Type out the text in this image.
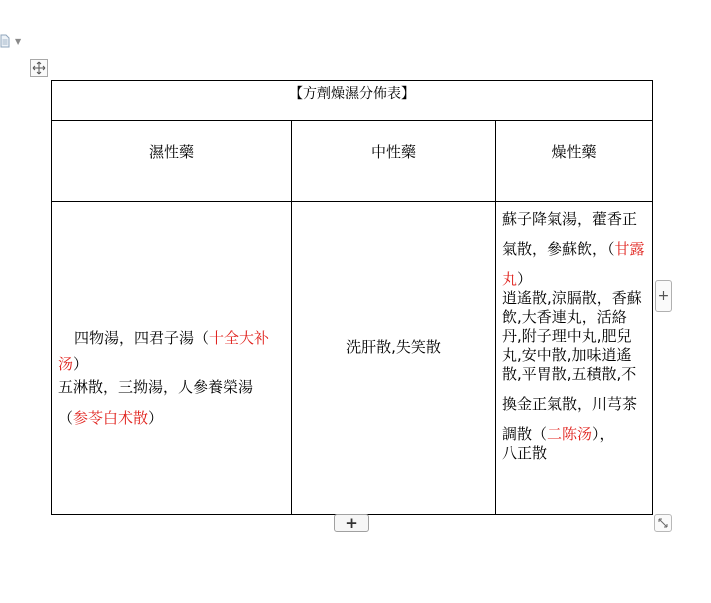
▼
【方劑燥濕分佈表】
濕性藥	中性藥	燥性藥
四物湯，四君子湯（十全大补
汤）
五淋散，三拗湯，人參養榮湯
（参苓白术散）
洗肝散,失笑散
蘇子降氣湯，藿香正
氣散，參蘇飲，（甘露
丸）
逍遙散,涼膈散，香蘇飲,大香連丸，活絡丹,附子理中丸,肥兒丸,安中散,加味逍遙散,平胃散,五積散,不
換金正氣散，川芎茶
調散（二陈汤），
八正散
+
+
